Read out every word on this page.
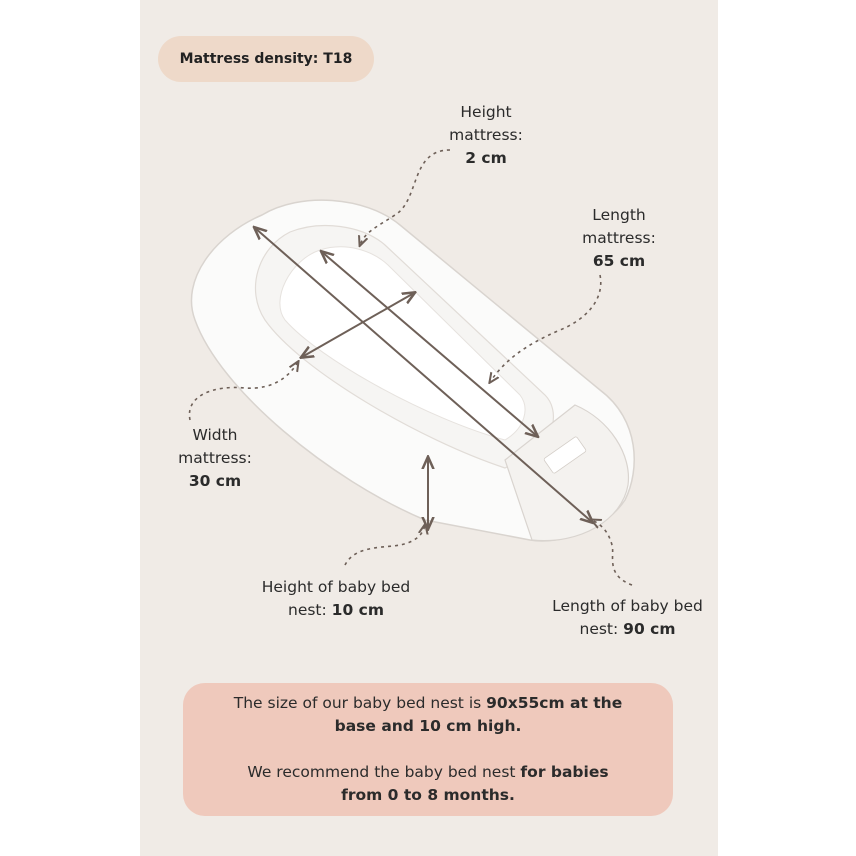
Mattress density: T18
Height
mattress:
2 cm
Length
mattress:
65 cm
Width
mattress:
30 cm
Height of baby bed
nest: 10 cm	Length of baby bed
nest: 90 cm

The size of our baby bed nest is 90x55cm at the

base and 10 cm high.

We recommend the baby bed nest for babies

from 0 to 8 months.
